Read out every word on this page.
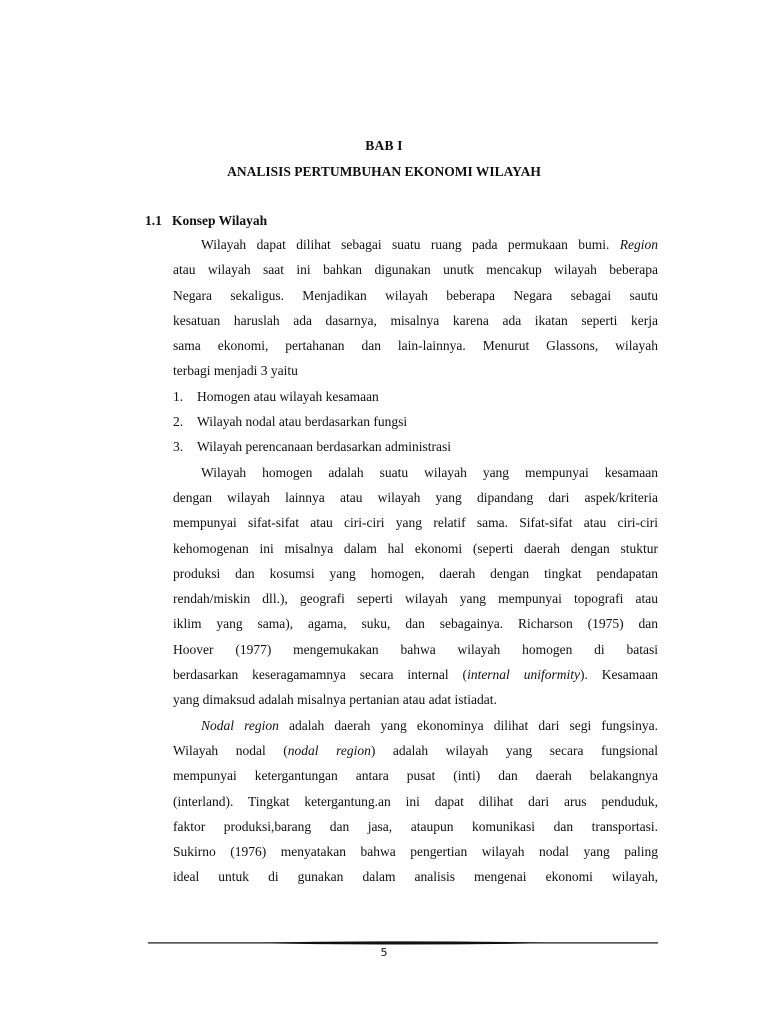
BAB I
ANALISIS PERTUMBUHAN EKONOMI WILAYAH
1.1 Konsep Wilayah
Wilayah dapat dilihat sebagai suatu ruang pada permukaan bumi. Region
atau wilayah saat ini bahkan digunakan unutk mencakup wilayah beberapa
Negara sekaligus. Menjadikan wilayah beberapa Negara sebagai sautu
kesatuan haruslah ada dasarnya, misalnya karena ada ikatan seperti kerja
sama ekonomi, pertahanan dan lain-lainnya. Menurut Glassons, wilayah
terbagi menjadi 3 yaitu
1. Homogen atau wilayah kesamaan
2. Wilayah nodal atau berdasarkan fungsi
3. Wilayah perencanaan berdasarkan administrasi
Wilayah homogen adalah suatu wilayah yang mempunyai kesamaan
dengan wilayah lainnya atau wilayah yang dipandang dari aspek/kriteria
mempunyai sifat-sifat atau ciri-ciri yang relatif sama. Sifat-sifat atau ciri-ciri
kehomogenan ini misalnya dalam hal ekonomi (seperti daerah dengan stuktur
produksi dan kosumsi yang homogen, daerah dengan tingkat pendapatan
rendah/miskin dll.), geografi seperti wilayah yang mempunyai topografi atau
iklim yang sama), agama, suku, dan sebagainya. Richarson (1975) dan
Hoover (1977) mengemukakan bahwa wilayah homogen di batasi
berdasarkan keseragamamnya secara internal (internal uniformity). Kesamaan
yang dimaksud adalah misalnya pertanian atau adat istiadat.
Nodal region adalah daerah yang ekonominya dilihat dari segi fungsinya.
Wilayah nodal (nodal region) adalah wilayah yang secara fungsional
mempunyai ketergantungan antara pusat (inti) dan daerah belakangnya
(interland). Tingkat ketergantung.an ini dapat dilihat dari arus penduduk,
faktor produksi,barang dan jasa, ataupun komunikasi dan transportasi.
Sukirno (1976) menyatakan bahwa pengertian wilayah nodal yang paling
ideal untuk di gunakan dalam analisis mengenai ekonomi wilayah,
5
